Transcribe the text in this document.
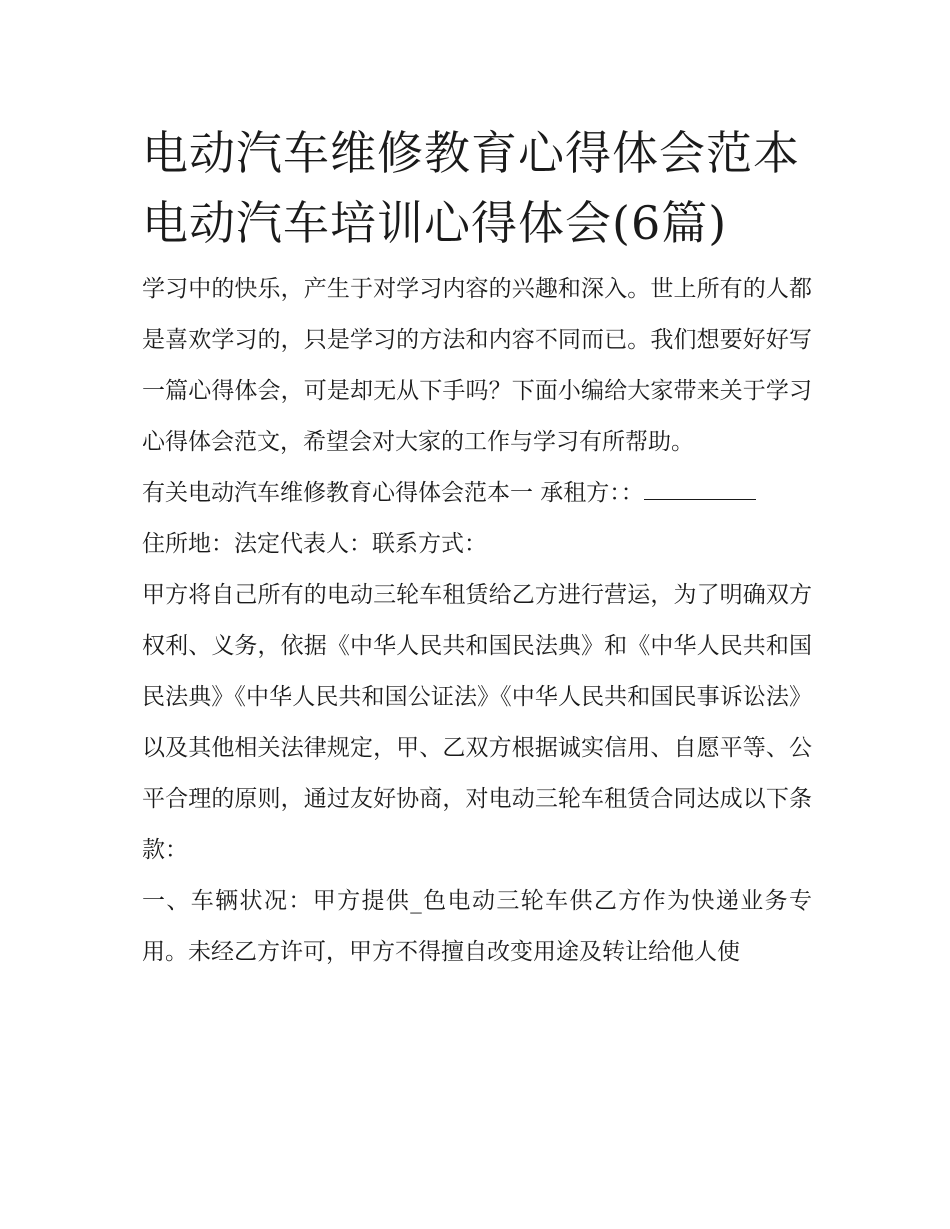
电动汽车维修教育心得体会范本 电动汽车培训心得体会(6篇)

学习中的快乐，产生于对学习内容的兴趣和深入。世上所有的人都是喜欢学习的，只是学习的方法和内容不同而已。我们想要好好写一篇心得体会，可是却无从下手吗？下面小编给大家带来关于学习心得体会范文，希望会对大家的工作与学习有所帮助。

有关电动汽车维修教育心得体会范本一 承租方：：

住所地：法定代表人：联系方式：

甲方将自己所有的电动三轮车租赁给乙方进行营运，为了明确双方权利、义务，依据《中华人民共和国民法典》和《中华人民共和国民法典》《中华人民共和国公证法》《中华人民共和国民事诉讼法》以及其他相关法律规定，甲、乙双方根据诚实信用、自愿平等、公平合理的原则，通过友好协商，对电动三轮车租赁合同达成以下条款：

一、车辆状况：甲方提供_色电动三轮车供乙方作为快递业务专用。未经乙方许可，甲方不得擅自改变用途及转让给他人使
